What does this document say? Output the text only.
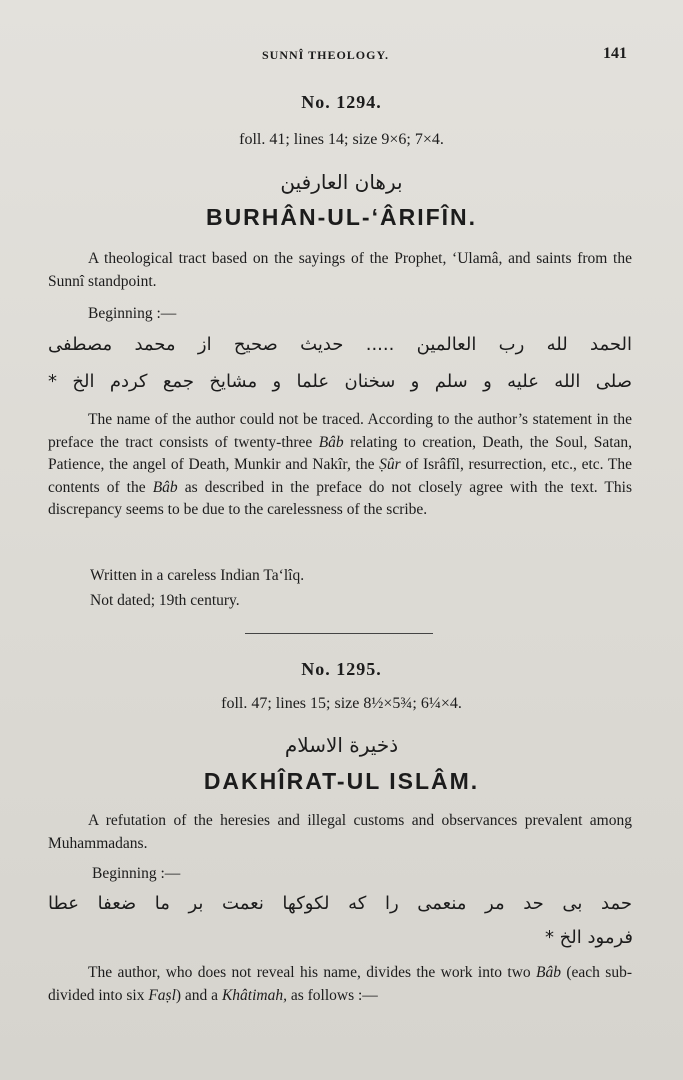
SUNNÎ THEOLOGY.	141
No. 1294.
foll. 41; lines 14; size 9×6; 7×4.
برهان العارفین
BURHÂN-UL-‘ÂRIFÎN.
A theological tract based on the sayings of the Prophet, ‘Ulamâ, and saints from the Sunnî standpoint.
Beginning :—
الحمد لله رب العالمین ..... حدیث صحیح از محمد مصطفی
صلی الله علیه و سلم و سخنان علما و مشایخ جمع کردم الخ *
The name of the author could not be traced. According to the author’s statement in the preface the tract consists of twenty-three Bâb relating to creation, Death, the Soul, Satan, Patience, the angel of Death, Munkir and Nakîr, the Ṣûr of Isrâfîl, resurrection, etc., etc. The contents of the Bâb as described in the preface do not closely agree with the text. This discrepancy seems to be due to the carelessness of the scribe.
Written in a careless Indian Ta‘lîq.
Not dated; 19th century.
No. 1295.
foll. 47; lines 15; size 8½×5¾; 6¼×4.
ذخیرة الاسلام
DAKHÎRAT-UL ISLÂM.
A refutation of the heresies and illegal customs and observances prevalent among Muhammadans.
Beginning :—
حمد بی حد مر منعمی را که لکوکها نعمت بر ما ضعفا عطا
فرمود الخ *
The author, who does not reveal his name, divides the work into two Bâb (each sub-divided into six Faṣl) and a Khâtimah, as follows :—
